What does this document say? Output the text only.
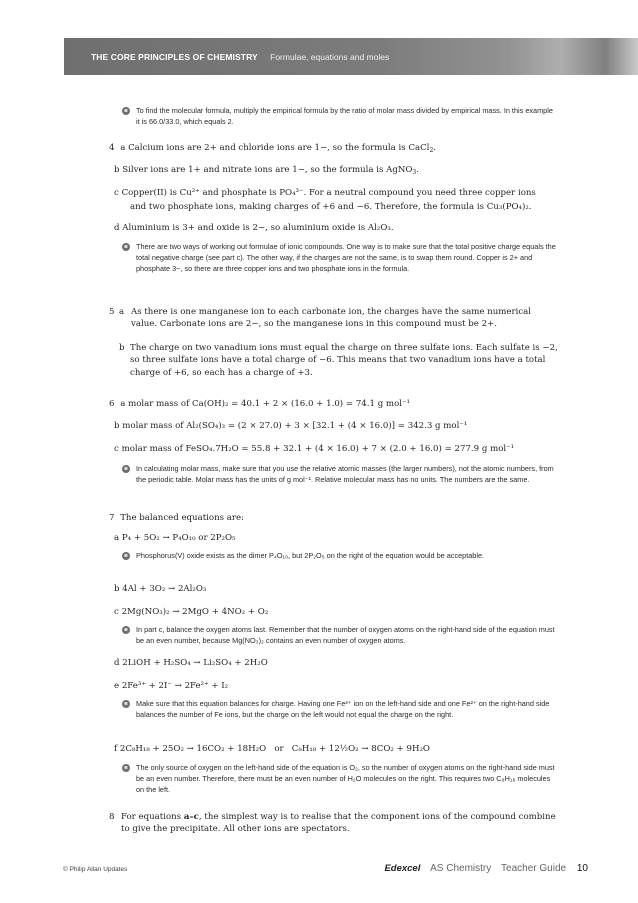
THE CORE PRINCIPLES OF CHEMISTRY Formulae, equations and moles
e To find the molecular formula, multiply the empirical formula by the ratio of molar mass divided by empirical mass. In this example it is 66.0/33.0, which equals 2.
4 a Calcium ions are 2+ and chloride ions are 1−, so the formula is CaCl$_2$.
b Silver ions are 1+ and nitrate ions are 1−, so the formula is AgNO$_3$.
c Copper(II) is Cu²⁺ and phosphate is PO₄³⁻. For a neutral compound you need three copper ions
and two phosphate ions, making charges of +6 and −6. Therefore, the formula is Cu₃(PO₄)₂.
d Aluminium is 3+ and oxide is 2−, so aluminium oxide is Al₂O₃.
e There are two ways of working out formulae of ionic compounds. One way is to make sure that the total positive charge equals the total negative charge (see part c). The other way, if the charges are not the same, is to swap them round. Copper is 2+ and phosphate 3−, so there are three copper ions and two phosphate ions in the formula.
5 a As there is one manganese ion to each carbonate ion, the charges have the same numerical value. Carbonate ions are 2−, so the manganese ions in this compound must be 2+.
b The charge on two vanadium ions must equal the charge on three sulfate ions. Each sulfate is −2, so three sulfate ions have a total charge of −6. This means that two vanadium ions have a total charge of +6, so each has a charge of +3.
6 a molar mass of Ca(OH)₂ = 40.1 + 2 × (16.0 + 1.0) = 74.1 g mol⁻¹
b molar mass of Al₂(SO₄)₃ = (2 × 27.0) + 3 × [32.1 + (4 × 16.0)] = 342.3 g mol⁻¹
c molar mass of FeSO₄.7H₂O = 55.8 + 32.1 + (4 × 16.0) + 7 × (2.0 + 16.0) = 277.9 g mol⁻¹
e In calculating molar mass, make sure that you use the relative atomic masses (the larger numbers), not the atomic numbers, from the periodic table. Molar mass has the units of g mol⁻¹. Relative molecular mass has no units. The numbers are the same.
7 The balanced equations are:
a P₄ + 5O₂ → P₄O₁₀ or 2P₂O₅
e Phosphorus(V) oxide exists as the dimer P₄O₁₀, but 2P₂O₅ on the right of the equation would be acceptable.
b 4Al + 3O₂ → 2Al₂O₃
c 2Mg(NO₃)₂ → 2MgO + 4NO₂ + O₂
e In part c, balance the oxygen atoms last. Remember that the number of oxygen atoms on the right-hand side of the equation must be an even number, because Mg(NO₃)₂ contains an even number of oxygen atoms.
d 2LiOH + H₂SO₄ → Li₂SO₄ + 2H₂O
e 2Fe³⁺ + 2I⁻ → 2Fe²⁺ + I₂
e Make sure that this equation balances for charge. Having one Fe³⁺ ion on the left-hand side and one Fe²⁺ on the right-hand side balances the number of Fe ions, but the charge on the left would not equal the charge on the right.
f 2C₈H₁₈ + 25O₂ → 16CO₂ + 18H₂O   or   C₈H₁₈ + 12½O₂ → 8CO₂ + 9H₂O
e The only source of oxygen on the left-hand side of the equation is O₂, so the number of oxygen atoms on the right-hand side must be an even number. Therefore, there must be an even number of H₂O molecules on the right. This requires two C₈H₁₈ molecules on the left.
8 For equations a–c, the simplest way is to realise that the component ions of the compound combine to give the precipitate. All other ions are spectators.
© Philip Allan Updates	Edexcel AS Chemistry Teacher Guide 10
